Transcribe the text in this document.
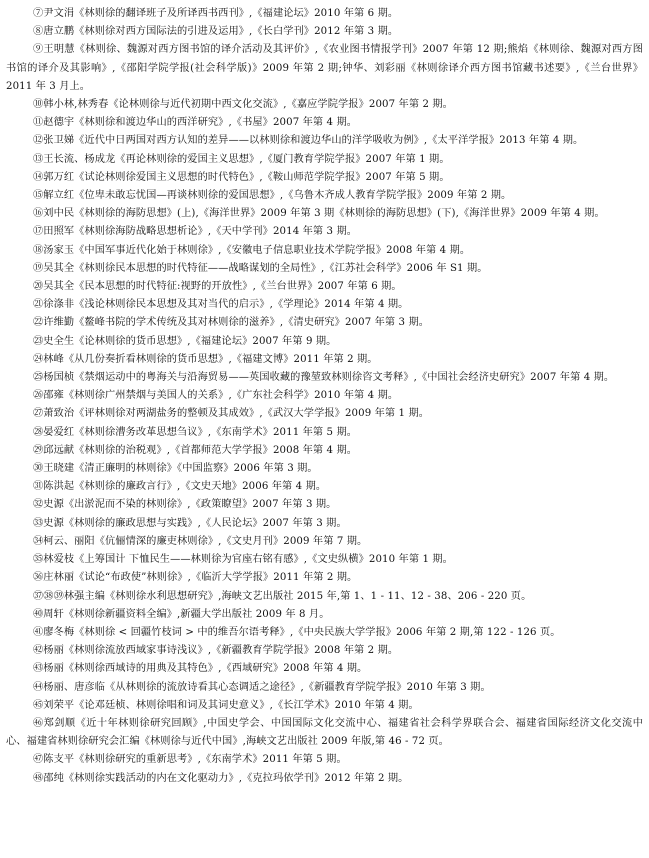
⑦尹文涓《林则徐的翻译班子及所译西书西刊》,《福建论坛》2010 年第 6 期。

⑧唐立鹏《林则徐对西方国际法的引进及运用》,《长白学刊》2012 年第 3 期。

⑨王明慧《林则徐、魏源对西方图书馆的译介活动及其评价》,《农业图书情报学刊》2007 年第 12 期;熊焰《林则徐、魏源对西方图书馆的译介及其影响》,《邵阳学院学报(社会科学版)》2009 年第 2 期;钟华、刘彩丽《林则徐译介西方图书馆藏书述要》,《兰台世界》2011 年 3 月上。

⑩韩小林,林秀春《论林则徐与近代初期中西文化交流》,《嘉应学院学报》2007 年第 2 期。

⑪赵德宇《林则徐和渡边华山的西洋研究》,《书屋》2007 年第 4 期。

⑫张卫娣《近代中日两国对西方认知的差异——以林则徐和渡边华山的洋学吸收为例》,《太平洋学报》2013 年第 4 期。

⑬王长流、杨成龙《再论林则徐的爱国主义思想》,《厦门教育学院学报》2007 年第 1 期。

⑭郭万红《试论林则徐爱国主义思想的时代特色》,《鞍山师范学院学报》2007 年第 5 期。

⑮解立红《位卑未敢忘忧国—再谈林则徐的爱国思想》,《乌鲁木齐成人教育学院学报》2009 年第 2 期。

⑯刘中民《林则徐的海防思想》(上),《海洋世界》2009 年第 3 期《林则徐的海防思想》(下),《海洋世界》2009 年第 4 期。

⑰田照军《林则徐海防战略思想析论》,《天中学刊》2014 年第 3 期。

⑱汤家玉《中国军事近代化始于林则徐》,《安徽电子信息职业技术学院学报》2008 年第 4 期。

⑲吴其全《林则徐民本思想的时代特征——战略谋划的全局性》,《江苏社会科学》2006 年 S1 期。

⑳吴其全《民本思想的时代特征:视野的开放性》,《兰台世界》2007 年第 6 期。

㉑徐涤非《浅论林则徐民本思想及其对当代的启示》,《学理论》2014 年第 4 期。

㉒许维勤《鳌峰书院的学术传统及其对林则徐的滋养》,《清史研究》2007 年第 3 期。

㉓史全生《论林则徐的货币思想》,《福建论坛》2007 年第 9 期。

㉔林峰《从几份奏折看林则徐的货币思想》,《福建文博》2011 年第 2 期。

㉕杨国桢《禁烟运动中的粤海关与沿海贸易——英国收藏的豫堃致林则徐咨文考释》,《中国社会经济史研究》2007 年第 4 期。

㉖邵雍《林则徐广州禁烟与美国人的关系》,《广东社会科学》2010 年第 4 期。

㉗萧致治《评林则徐对两湖盐务的整顿及其成效》,《武汉大学学报》2009 年第 1 期。

㉘晏爱红《林则徐漕务改革思想刍议》,《东南学术》2011 年第 5 期。

㉙邱远献《林则徐的治税观》,《首都师范大学学报》2008 年第 4 期。

㉚王晓建《清正廉明的林则徐》《中国监察》2006 年第 3 期。

㉛陈洪起《林则徐的廉政言行》,《文史天地》2006 年第 4 期。

㉜史源《出淤泥而不染的林则徐》,《政策瞭望》2007 年第 3 期。

㉝史源《林则徐的廉政思想与实践》,《人民论坛》2007 年第 3 期。

㉞柯云、丽阳《伉俪情深的廉吏林则徐》,《文史月刊》2009 年第 7 期。

㉟林爱枝《上筹国计 下恤民生——林则徐为官座右铭有感》,《文史纵横》2010 年第 1 期。

㊱庄林丽《试论“布政使”林则徐》,《临沂大学学报》2011 年第 2 期。

㊲㊳㊴林强主编《林则徐水利思想研究》,海峡文艺出版社 2015 年,第 1、1 - 11、12 - 38、206 - 220 页。

㊵周轩《林则徐新疆资料全编》,新疆大学出版社 2009 年 8 月。

㊶廖冬梅《林则徐 < 回疆竹枝词 > 中的维吾尔语考释》,《中央民族大学学报》2006 年第 2 期,第 122 - 126 页。

㊷杨丽《林则徐流放西域家事诗浅议》,《新疆教育学院学报》2008 年第 2 期。

㊸杨丽《林则徐西域诗的用典及其特色》,《西域研究》2008 年第 4 期。

㊹杨丽、唐彦临《从林则徐的流放诗看其心态调适之途径》,《新疆教育学院学报》2010 年第 3 期。

㊺刘荣平《论邓廷桢、林则徐唱和词及其词史意义》,《长江学术》2010 年第 4 期。

㊻郑剑顺《近十年林则徐研究回顾》,中国史学会、中国国际文化交流中心、福建省社会科学界联合会、福建省国际经济文化交流中心、福建省林则徐研究会汇编《林则徐与近代中国》,海峡文艺出版社 2009 年版,第 46 - 72 页。

㊼陈支平《林则徐研究的重新思考》,《东南学术》2011 年第 5 期。

㊽邵纯《林则徐实践活动的内在文化驱动力》,《克拉玛依学刊》2012 年第 2 期。
